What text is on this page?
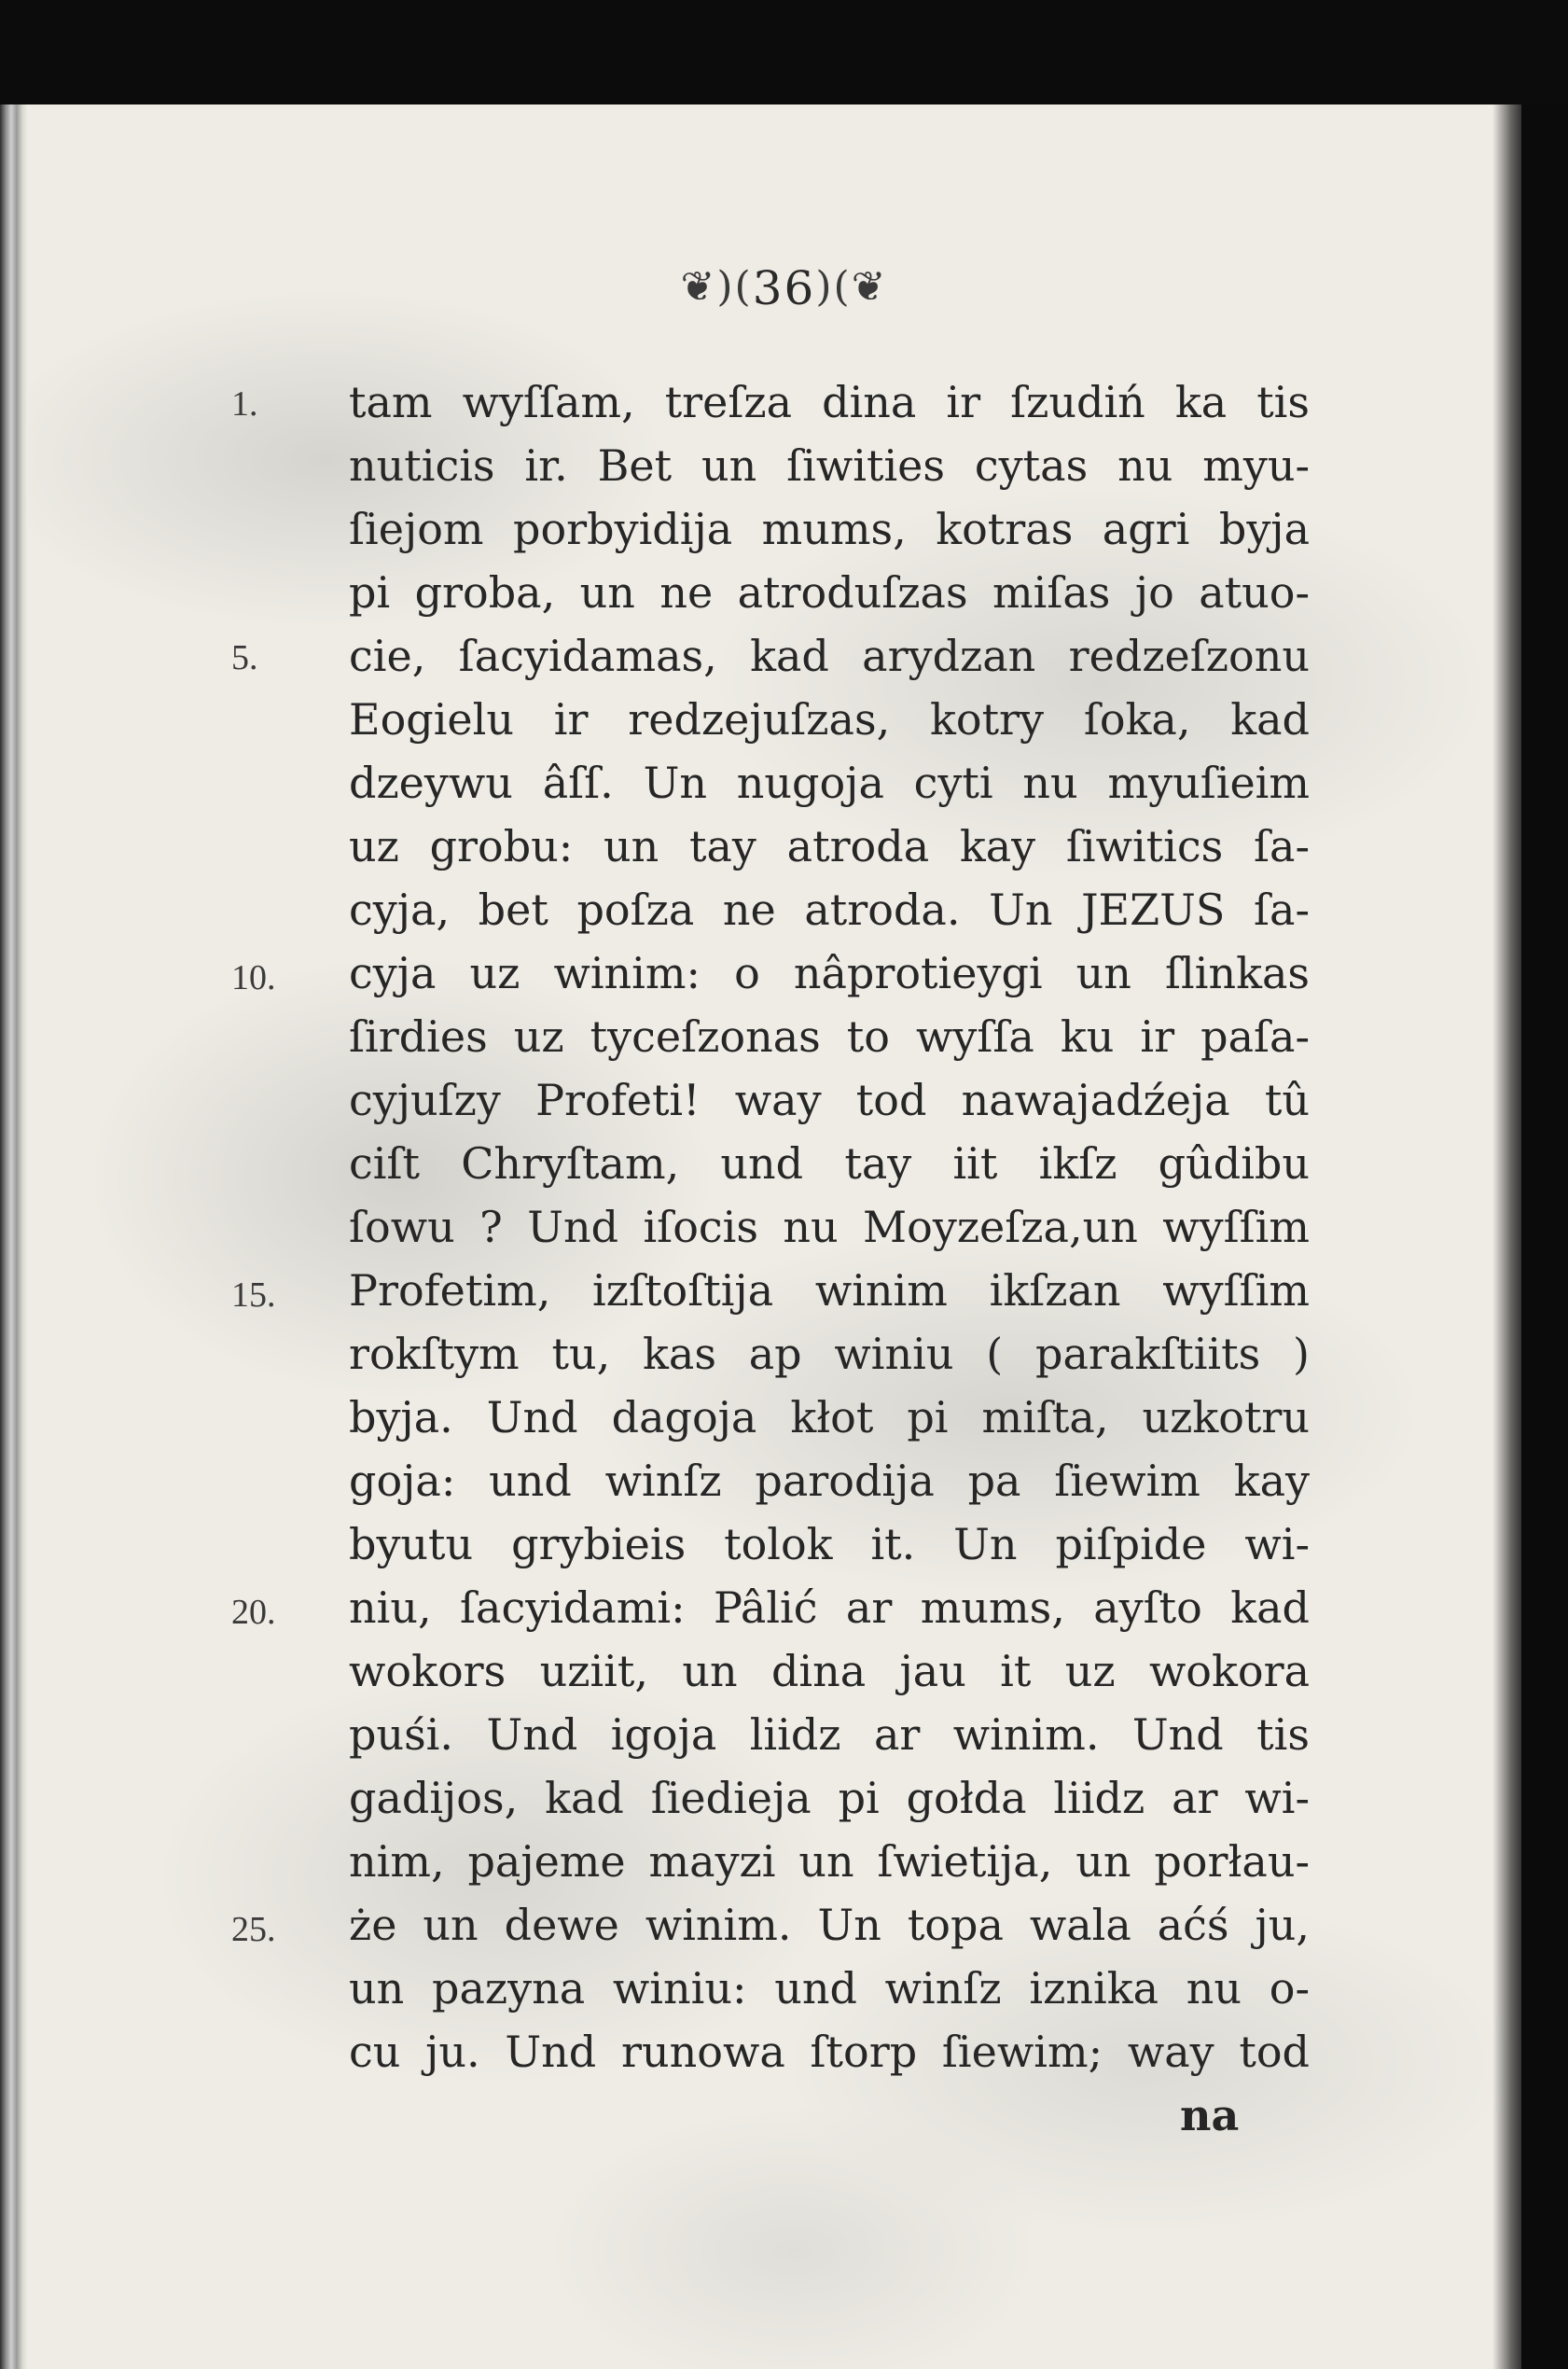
❦)(36)(❦
1.
5.
10.
15.
20.
25.
tam wyſſam, treſza dina ir ſzudiń ka tis
nuticis ir. Bet un ſiwities cytas nu myu-
ſiejom porbyidija mums, kotras agri byja
pi groba, un ne atroduſzas miſas jo atuo-
cie, ſacyidamas, kad arydzan redzeſzonu
Eogielu ir redzejuſzas, kotry ſoka, kad
dzeywu âſſ. Un nugoja cyti nu myuſieim
uz grobu: un tay atroda kay ſiwitics ſa-
cyja, bet poſza ne atroda. Un JEZUS ſa-
cyja uz winim: o nâprotieygi un ſlinkas
ſirdies uz tyceſzonas to wyſſa ku ir paſa-
cyjuſzy Profeti! way tod nawajadźeja tû
ciſt Chryſtam, und tay iit ikſz gûdibu
ſowu ? Und iſocis nu Moyzeſza,un wyſſim
Profetim, izſtoſtija winim ikſzan wyſſim
rokſtym tu, kas ap winiu ( parakſtiits )
byja. Und dagoja kłot pi miſta, uzkotru
goja: und winſz parodija pa ſiewim kay
byutu grybieis tolok it. Un piſpide wi-
niu, ſacyidami: Pâlić ar mums, ayſto kad
wokors uziit, un dina jau it uz wokora
puśi. Und igoja liidz ar winim. Und tis
gadijos, kad ſiedieja pi gołda liidz ar wi-
nim, pajeme mayzi un ſwietija, un porłau-
że un dewe winim. Un topa wala aćś ju,
un pazyna winiu: und winſz iznika nu o-
cu ju. Und runowa ſtorp ſiewim; way tod
na
